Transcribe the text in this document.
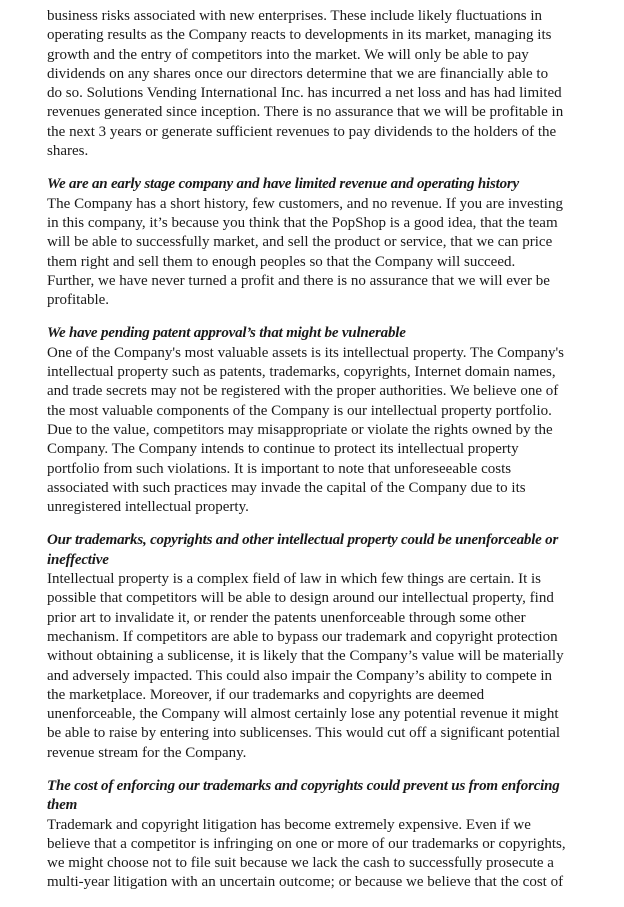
business risks associated with new enterprises. These include likely fluctuations in
operating results as the Company reacts to developments in its market, managing its
growth and the entry of competitors into the market. We will only be able to pay
dividends on any shares once our directors determine that we are financially able to
do so. Solutions Vending International Inc. has incurred a net loss and has had limited
revenues generated since inception. There is no assurance that we will be profitable in
the next 3 years or generate sufficient revenues to pay dividends to the holders of the
shares.
We are an early stage company and have limited revenue and operating history
The Company has a short history, few customers, and no revenue. If you are investing
in this company, it’s because you think that the PopShop is a good idea, that the team
will be able to successfully market, and sell the product or service, that we can price
them right and sell them to enough peoples so that the Company will succeed.
Further, we have never turned a profit and there is no assurance that we will ever be
profitable.
We have pending patent approval’s that might be vulnerable
One of the Company's most valuable assets is its intellectual property. The Company's
intellectual property such as patents, trademarks, copyrights, Internet domain names,
and trade secrets may not be registered with the proper authorities. We believe one of
the most valuable components of the Company is our intellectual property portfolio.
Due to the value, competitors may misappropriate or violate the rights owned by the
Company. The Company intends to continue to protect its intellectual property
portfolio from such violations. It is important to note that unforeseeable costs
associated with such practices may invade the capital of the Company due to its
unregistered intellectual property.
Our trademarks, copyrights and other intellectual property could be unenforceable or
ineffective
Intellectual property is a complex field of law in which few things are certain. It is
possible that competitors will be able to design around our intellectual property, find
prior art to invalidate it, or render the patents unenforceable through some other
mechanism. If competitors are able to bypass our trademark and copyright protection
without obtaining a sublicense, it is likely that the Company’s value will be materially
and adversely impacted. This could also impair the Company’s ability to compete in
the marketplace. Moreover, if our trademarks and copyrights are deemed
unenforceable, the Company will almost certainly lose any potential revenue it might
be able to raise by entering into sublicenses. This would cut off a significant potential
revenue stream for the Company.
The cost of enforcing our trademarks and copyrights could prevent us from enforcing
them
Trademark and copyright litigation has become extremely expensive. Even if we
believe that a competitor is infringing on one or more of our trademarks or copyrights,
we might choose not to file suit because we lack the cash to successfully prosecute a
multi-year litigation with an uncertain outcome; or because we believe that the cost of
